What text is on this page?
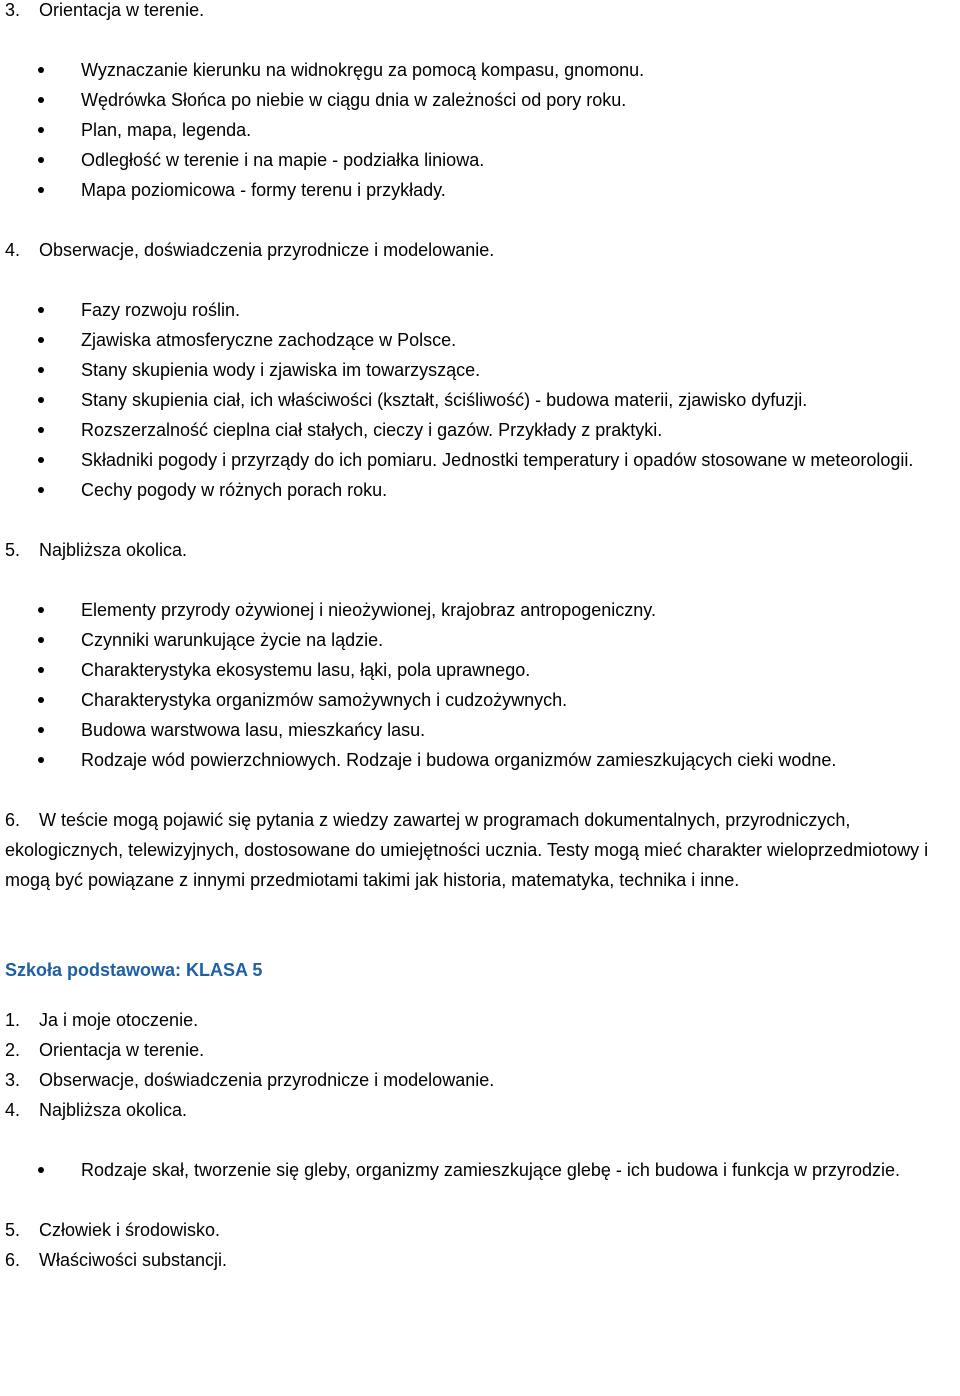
3. Orientacja w terenie.
Wyznaczanie kierunku na widnokręgu za pomocą kompasu, gnomonu.
Wędrówka Słońca po niebie w ciągu dnia w zależności od pory roku.
Plan, mapa, legenda.
Odległość w terenie i na mapie - podziałka liniowa.
Mapa poziomicowa - formy terenu i przykłady.
4. Obserwacje, doświadczenia przyrodnicze i modelowanie.
Fazy rozwoju roślin.
Zjawiska atmosferyczne zachodzące w Polsce.
Stany skupienia wody i zjawiska im towarzyszące.
Stany skupienia ciał, ich właściwości (kształt, ściśliwość) - budowa materii, zjawisko dyfuzji.
Rozszerzalność cieplna ciał stałych, cieczy i gazów. Przykłady z praktyki.
Składniki pogody i przyrządy do ich pomiaru. Jednostki temperatury i opadów stosowane w meteorologii.
Cechy pogody w różnych porach roku.
5. Najbliższa okolica.
Elementy przyrody ożywionej i nieożywionej, krajobraz antropogeniczny.
Czynniki warunkujące życie na lądzie.
Charakterystyka ekosystemu lasu, łąki, pola uprawnego.
Charakterystyka organizmów samożywnych i cudzożywnych.
Budowa warstwowa lasu, mieszkańcy lasu.
Rodzaje wód powierzchniowych. Rodzaje i budowa organizmów zamieszkujących cieki wodne.

6. W teście mogą pojawić się pytania z wiedzy zawartej w programach dokumentalnych, przyrodniczych, ekologicznych, telewizyjnych, dostosowane do umiejętności ucznia. Testy mogą mieć charakter wieloprzedmiotowy i mogą być powiązane z innymi przedmiotami takimi jak historia, matematyka, technika i inne.

Szkoła podstawowa: KLASA 5
1. Ja i moje otoczenie.
2. Orientacja w terenie.
3. Obserwacje, doświadczenia przyrodnicze i modelowanie.
4. Najbliższa okolica.
Rodzaje skał, tworzenie się gleby, organizmy zamieszkujące glebę - ich budowa i funkcja w przyrodzie.
5. Człowiek i środowisko.
6. Właściwości substancji.
